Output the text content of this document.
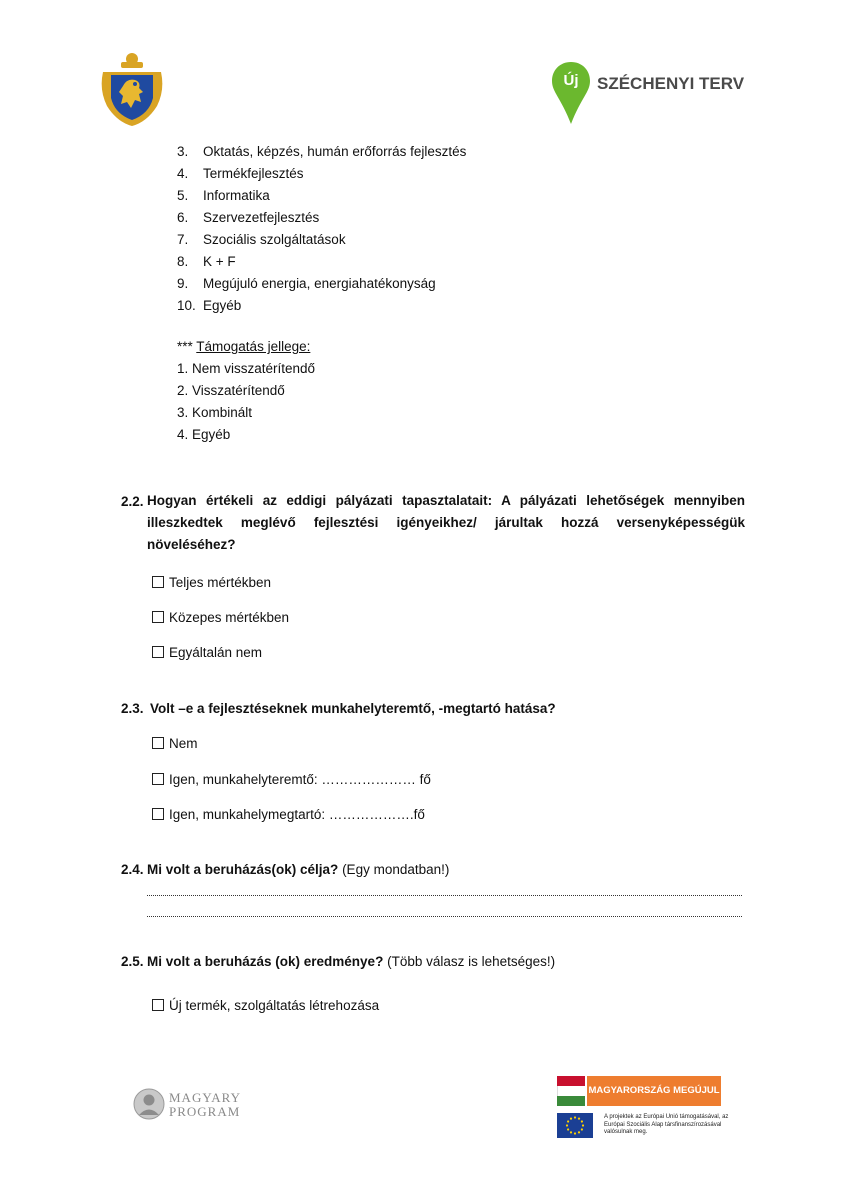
Új	SZÉCHENYI TERV
3. Oktatás, képzés, humán erőforrás fejlesztés
4. Termékfejlesztés
5. Informatika
6. Szervezetfejlesztés
7. Szociális szolgáltatások
8. K + F
9. Megújuló energia, energiahatékonyság
10. Egyéb
*** Támogatás jellege:
1. Nem visszatérítendő
2. Visszatérítendő
3. Kombinált
4. Egyéb
2.2. Hogyan értékeli az eddigi pályázati tapasztalatait: A pályázati lehetőségek mennyiben illeszkedtek meglévő fejlesztési igényeikhez/ járultak hozzá versenyképességük növeléséhez?
Teljes mértékben
Közepes mértékben
Egyáltalán nem
2.3. Volt –e a fejlesztéseknek munkahelyteremtő, -megtartó hatása?
Nem
Igen, munkahelyteremtő: ………………… fő
Igen, munkahelymegtartó: ……………….fő
2.4. Mi volt a beruházás(ok) célja? (Egy mondatban!)
2.5. Mi volt a beruházás (ok) eredménye? (Több válasz is lehetséges!)
Új termék, szolgáltatás létrehozása
MAGYARY
PROGRAM
MAGYARORSZÁG MEGÚJUL
A projektek az Európai Unió támogatásával, az Európai Szociális Alap társfinanszírozásával valósulnak meg.
